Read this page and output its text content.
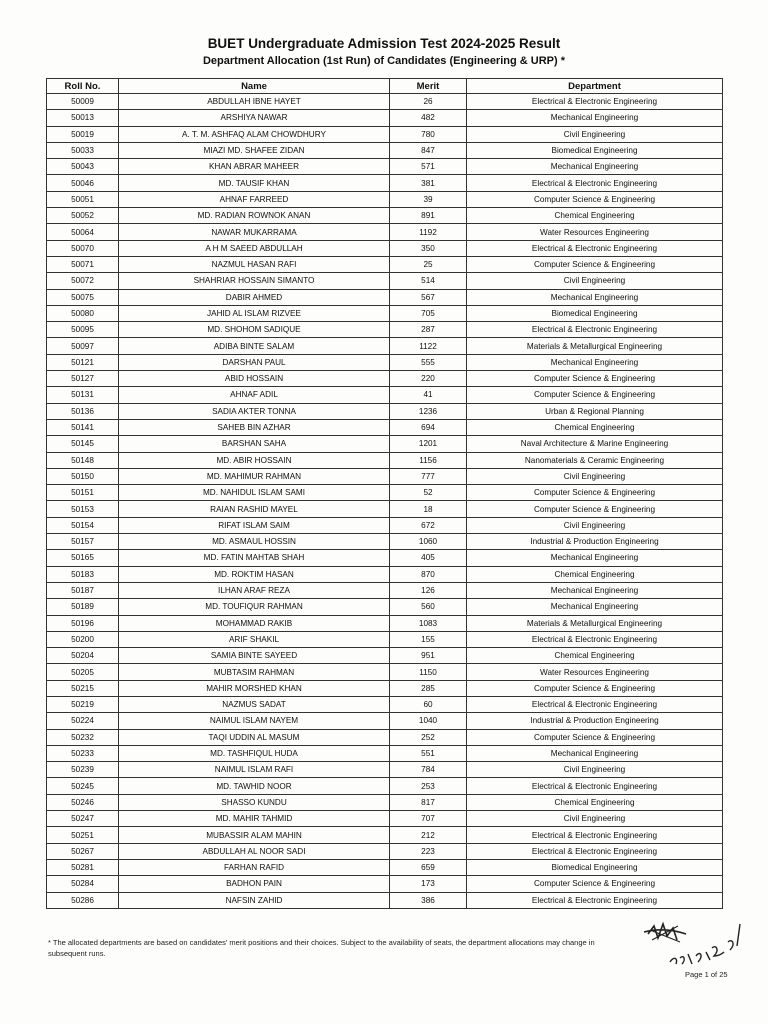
BUET Undergraduate Admission Test 2024-2025 Result
Department Allocation (1st Run) of Candidates (Engineering & URP) *
Roll No.	Name	Merit	Department
50009	ABDULLAH IBNE HAYET	26	Electrical & Electronic Engineering
50013	ARSHIYA NAWAR	482	Mechanical Engineering
50019	A. T. M. ASHFAQ ALAM CHOWDHURY	780	Civil Engineering
50033	MIAZI MD. SHAFEE ZIDAN	847	Biomedical Engineering
50043	KHAN ABRAR MAHEER	571	Mechanical Engineering
50046	MD. TAUSIF KHAN	381	Electrical & Electronic Engineering
50051	AHNAF FARREED	39	Computer Science & Engineering
50052	MD. RADIAN ROWNOK ANAN	891	Chemical Engineering
50064	NAWAR MUKARRAMA	1192	Water Resources Engineering
50070	A H M SAEED ABDULLAH	350	Electrical & Electronic Engineering
50071	NAZMUL HASAN RAFI	25	Computer Science & Engineering
50072	SHAHRIAR HOSSAIN SIMANTO	514	Civil Engineering
50075	DABIR AHMED	567	Mechanical Engineering
50080	JAHID AL ISLAM RIZVEE	705	Biomedical Engineering
50095	MD. SHOHOM SADIQUE	287	Electrical & Electronic Engineering
50097	ADIBA BINTE SALAM	1122	Materials & Metallurgical Engineering
50121	DARSHAN PAUL	555	Mechanical Engineering
50127	ABID HOSSAIN	220	Computer Science & Engineering
50131	AHNAF ADIL	41	Computer Science & Engineering
50136	SADIA AKTER TONNA	1236	Urban & Regional Planning
50141	SAHEB BIN AZHAR	694	Chemical Engineering
50145	BARSHAN SAHA	1201	Naval Architecture & Marine Engineering
50148	MD. ABIR HOSSAIN	1156	Nanomaterials & Ceramic Engineering
50150	MD. MAHIMUR RAHMAN	777	Civil Engineering
50151	MD. NAHIDUL ISLAM SAMI	52	Computer Science & Engineering
50153	RAIAN RASHID MAYEL	18	Computer Science & Engineering
50154	RIFAT ISLAM SAIM	672	Civil Engineering
50157	MD. ASMAUL HOSSIN	1060	Industrial & Production Engineering
50165	MD. FATIN MAHTAB SHAH	405	Mechanical Engineering
50183	MD. ROKTIM HASAN	870	Chemical Engineering
50187	ILHAN ARAF REZA	126	Mechanical Engineering
50189	MD. TOUFIQUR RAHMAN	560	Mechanical Engineering
50196	MOHAMMAD RAKIB	1083	Materials & Metallurgical Engineering
50200	ARIF SHAKIL	155	Electrical & Electronic Engineering
50204	SAMIA BINTE SAYEED	951	Chemical Engineering
50205	MUBTASIM RAHMAN	1150	Water Resources Engineering
50215	MAHIR MORSHED KHAN	285	Computer Science & Engineering
50219	NAZMUS SADAT	60	Electrical & Electronic Engineering
50224	NAIMUL ISLAM NAYEM	1040	Industrial & Production Engineering
50232	TAQI UDDIN AL MASUM	252	Computer Science & Engineering
50233	MD. TASHFIQUL HUDA	551	Mechanical Engineering
50239	NAIMUL ISLAM RAFI	784	Civil Engineering
50245	MD. TAWHID NOOR	253	Electrical & Electronic Engineering
50246	SHASSO KUNDU	817	Chemical Engineering
50247	MD. MAHIR TAHMID	707	Civil Engineering
50251	MUBASSIR ALAM MAHIN	212	Electrical & Electronic Engineering
50267	ABDULLAH AL NOOR SADI	223	Electrical & Electronic Engineering
50281	FARHAN RAFID	659	Biomedical Engineering
50284	BADHON PAIN	173	Computer Science & Engineering
50286	NAFSIN ZAHID	386	Electrical & Electronic Engineering
* The allocated departments are based on candidates' merit positions and their choices. Subject to the availability of seats, the department allocations may change in subsequent runs.
Page 1 of 25
